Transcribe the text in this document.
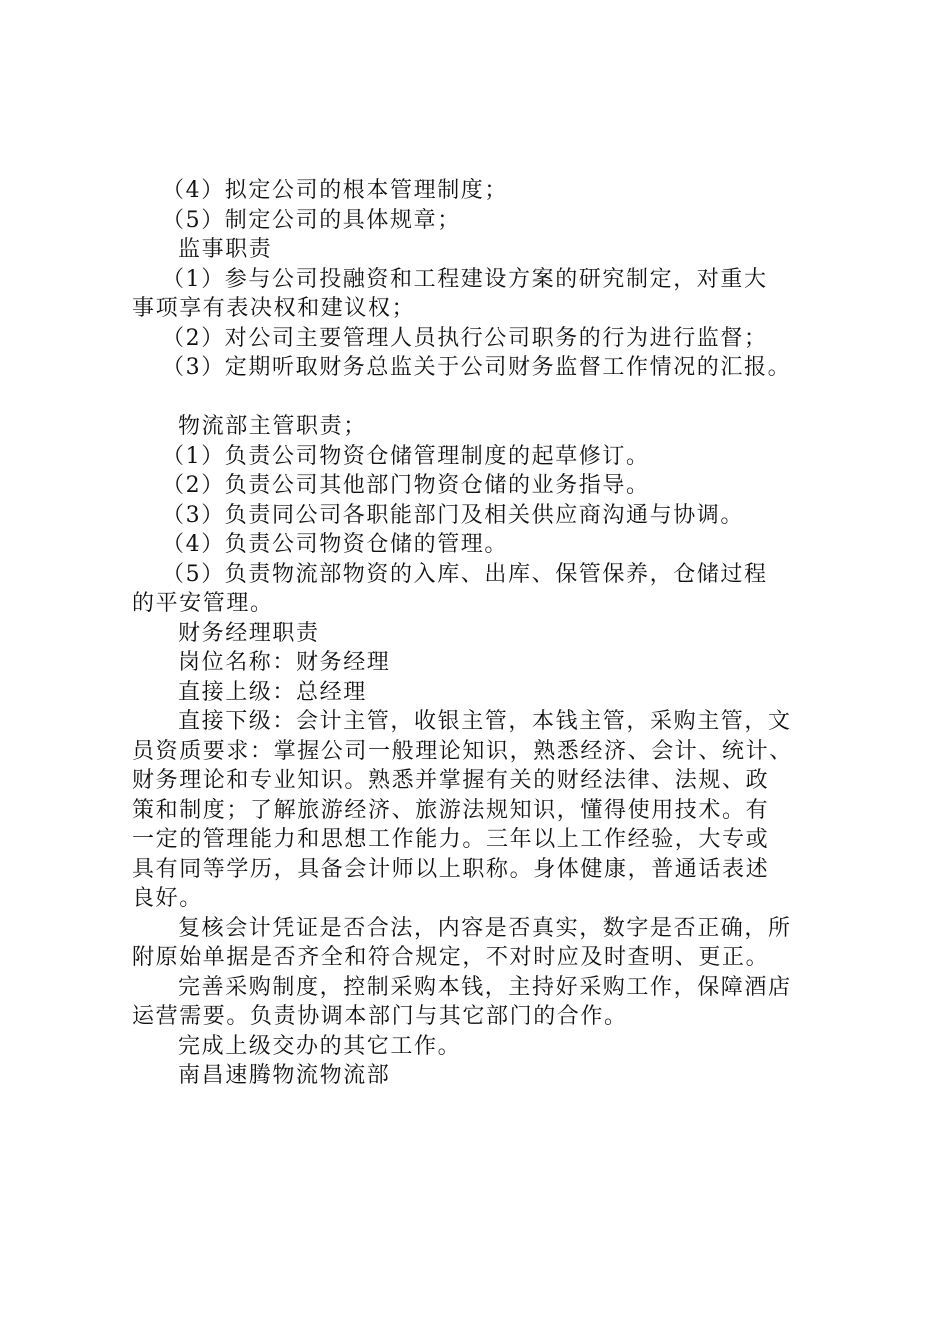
（4）拟定公司的根本管理制度；
（5）制定公司的具体规章；
监事职责
（1）参与公司投融资和工程建设方案的研究制定，对重大
事项享有表决权和建议权；
（2）对公司主要管理人员执行公司职务的行为进行监督；
（3）定期听取财务总监关于公司财务监督工作情况的汇报。
物流部主管职责；
（1）负责公司物资仓储管理制度的起草修订。
（2）负责公司其他部门物资仓储的业务指导。
（3）负责同公司各职能部门及相关供应商沟通与协调。
（4）负责公司物资仓储的管理。
（5）负责物流部物资的入库、出库、保管保养，仓储过程
的平安管理。
财务经理职责
岗位名称：财务经理
直接上级：总经理
直接下级：会计主管，收银主管，本钱主管，采购主管，文
员资质要求：掌握公司一般理论知识，熟悉经济、会计、统计、
财务理论和专业知识。熟悉并掌握有关的财经法律、法规、政
策和制度；了解旅游经济、旅游法规知识，懂得使用技术。有
一定的管理能力和思想工作能力。三年以上工作经验，大专或
具有同等学历，具备会计师以上职称。身体健康，普通话表述
良好。
复核会计凭证是否合法，内容是否真实，数字是否正确，所
附原始单据是否齐全和符合规定，不对时应及时查明、更正。
完善采购制度，控制采购本钱，主持好采购工作，保障酒店
运营需要。负责协调本部门与其它部门的合作。
完成上级交办的其它工作。
南昌速腾物流物流部
